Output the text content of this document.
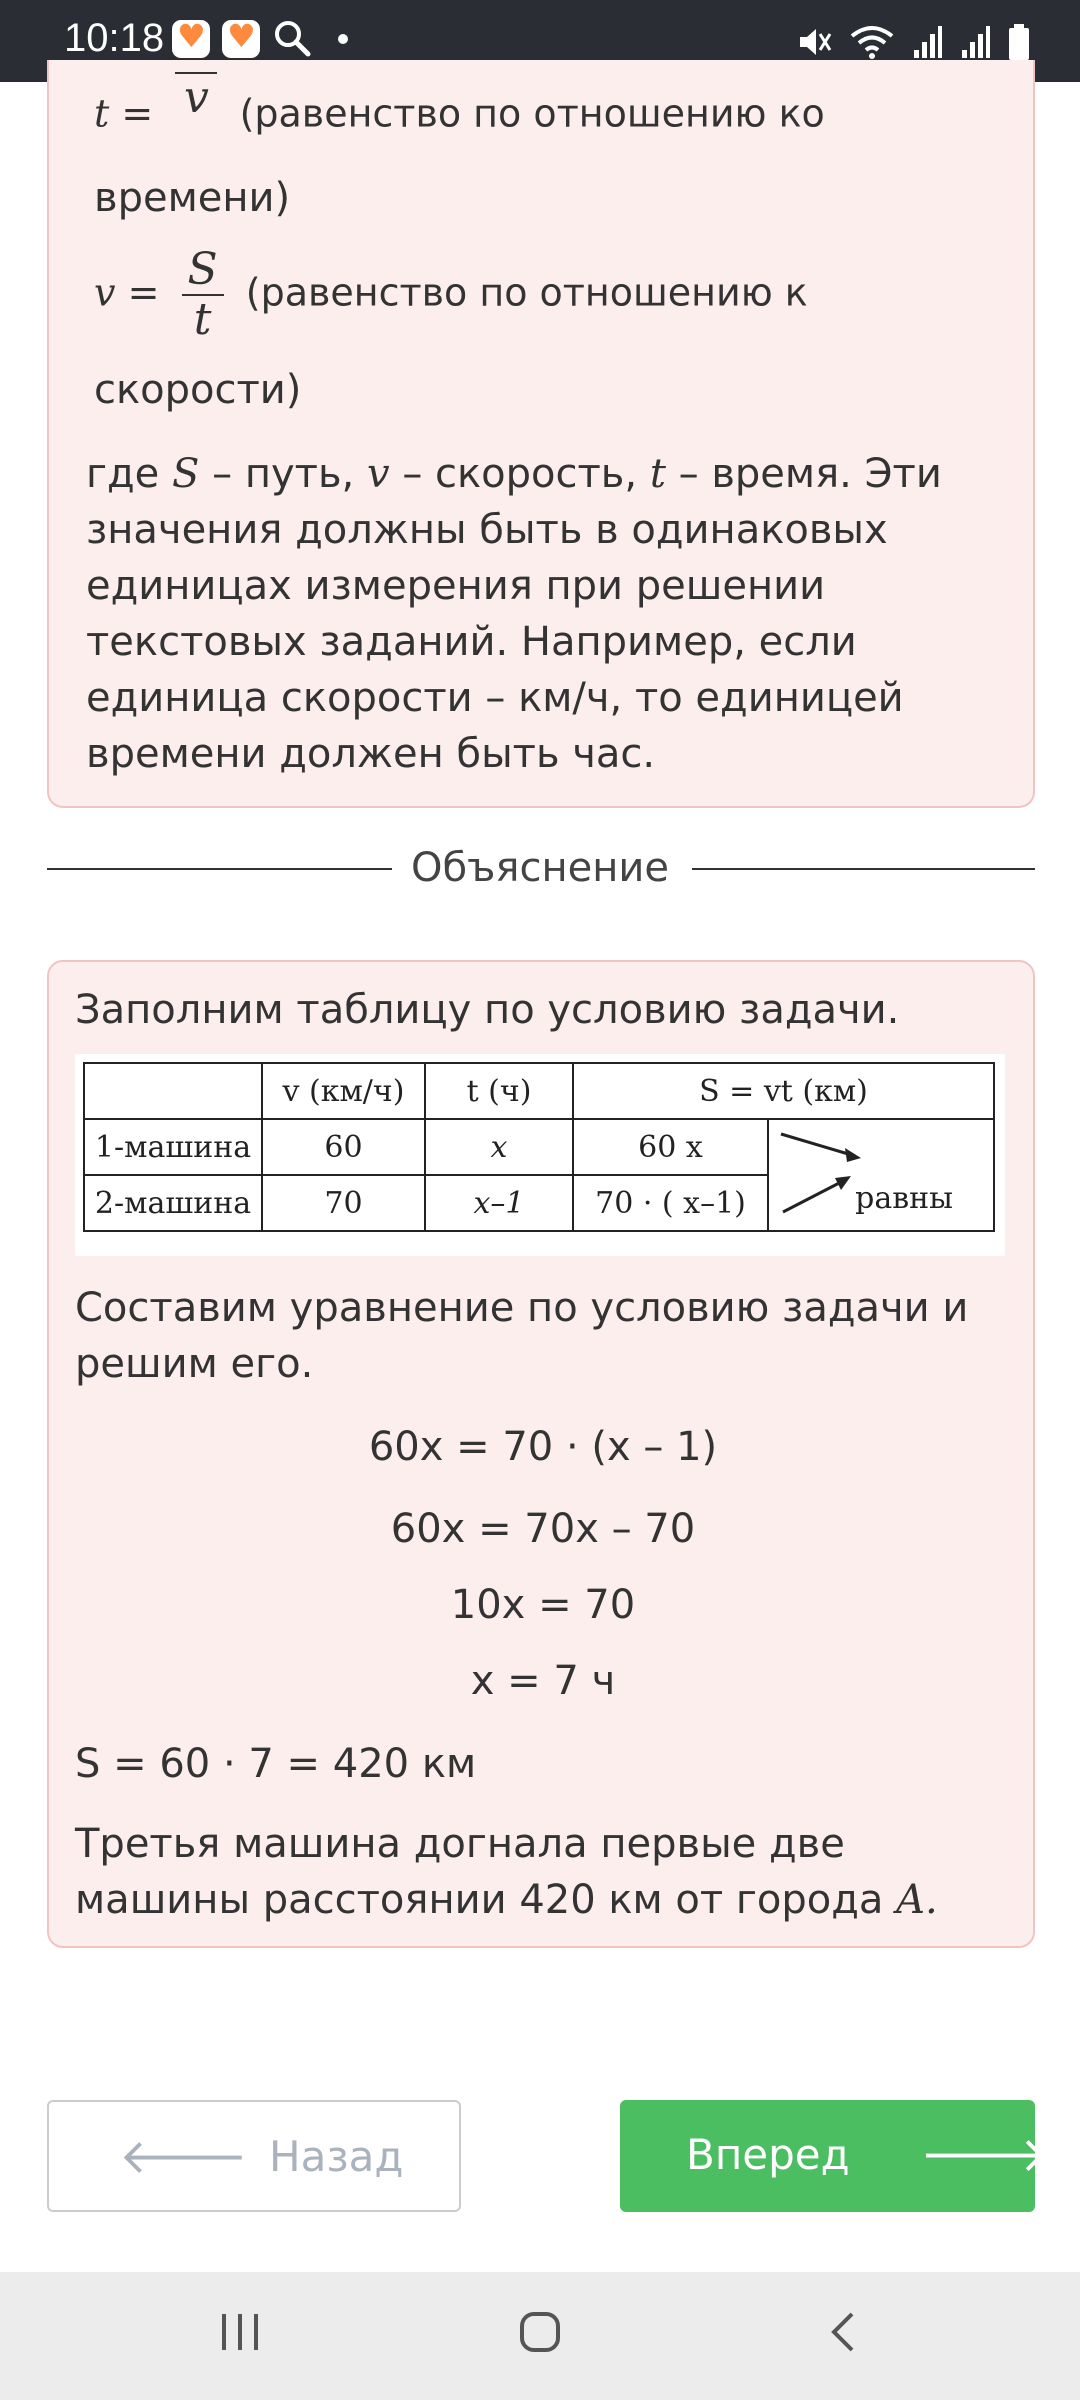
10:18
♥
♥
t = v (равенство по отношению ко
времени)
$v = \frac{S}{t}$ (равенство по отношению к
скорости)
где S – путь, v – скорость, t – время. Эти значения должны быть в одинаковых единицах измерения при решении текстовых заданий. Например, если единица скорости – км/ч, то единицей времени должен быть час.
Объяснение
Заполним таблицу по условию задачи.
	v (км/ч)	t (ч)	S = vt (км)	
1-машина	60	x	60 x	равны
2-машина	70	x–1	70 · ( x–1)	
Составим уравнение по условию задачи и решим его.
60x = 70 · (x – 1)
60x = 70x – 70
10x = 70
x = 7 ч
S = 60 · 7 = 420 км
Третья машина догнала первые две машины расстоянии 420 км от города A.
🡐 Назад	Вперед 🡒
